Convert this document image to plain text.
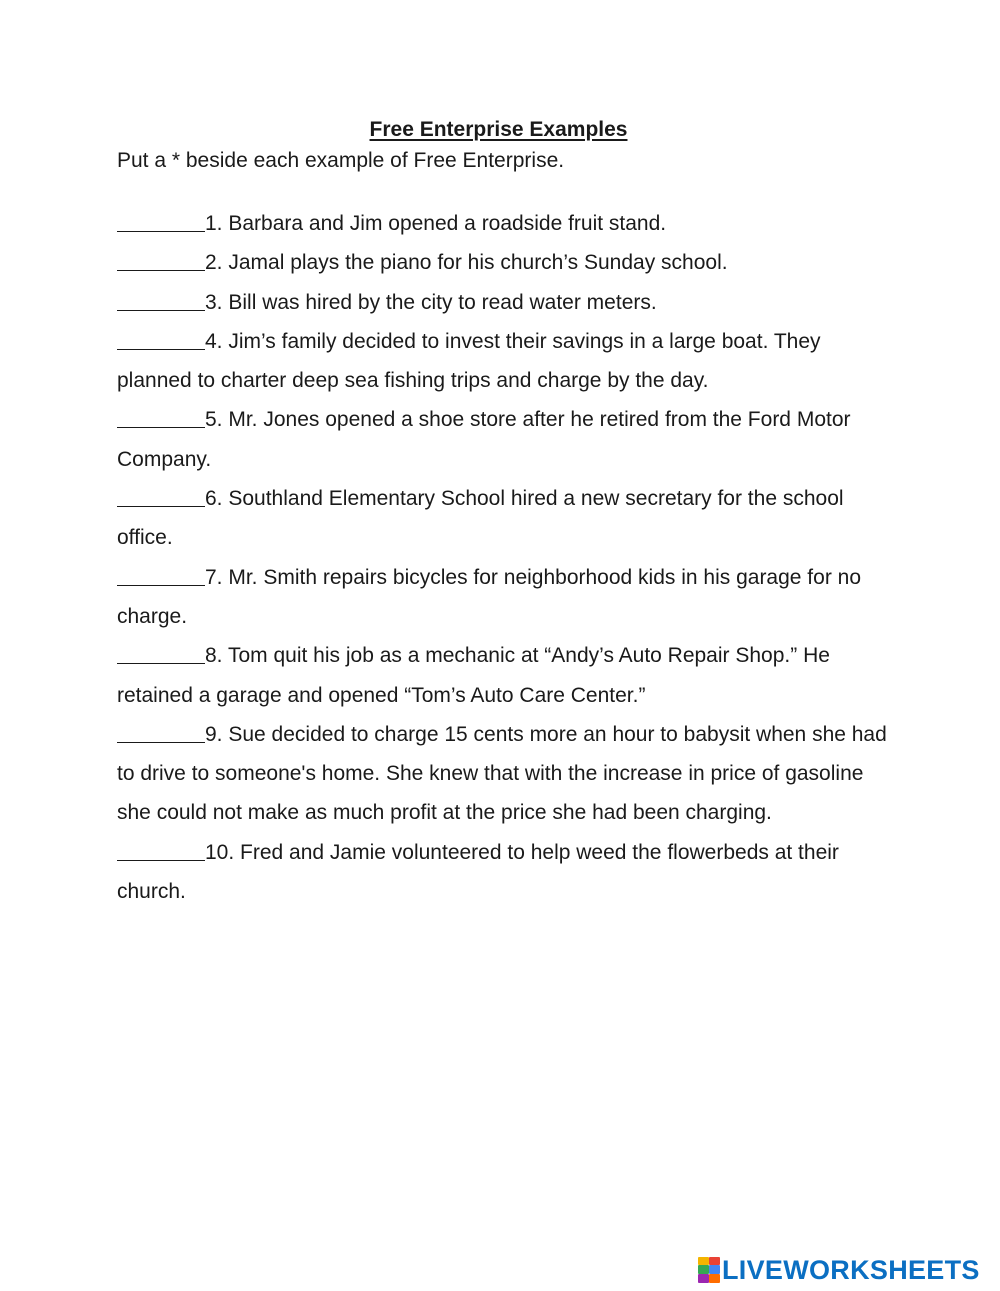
Free Enterprise Examples
Put a * beside each example of Free Enterprise.

1. Barbara and Jim opened a roadside fruit stand.

2. Jamal plays the piano for his church’s Sunday school.

3. Bill was hired by the city to read water meters.

4. Jim’s family decided to invest their savings in a large boat. They planned to charter deep sea fishing trips and charge by the day.

5. Mr. Jones opened a shoe store after he retired from the Ford Motor Company.

6. Southland Elementary School hired a new secretary for the school office.

7. Mr. Smith repairs bicycles for neighborhood kids in his garage for no charge.

8. Tom quit his job as a mechanic at “Andy’s Auto Repair Shop.” He retained a garage and opened “Tom’s Auto Care Center.”

9. Sue decided to charge 15 cents more an hour to babysit when she had to drive to someone's home. She knew that with the increase in price of gasoline she could not make as much profit at the price she had been charging.

10. Fred and Jamie volunteered to help weed the flowerbeds at their church.

LIVEWORKSHEETS
